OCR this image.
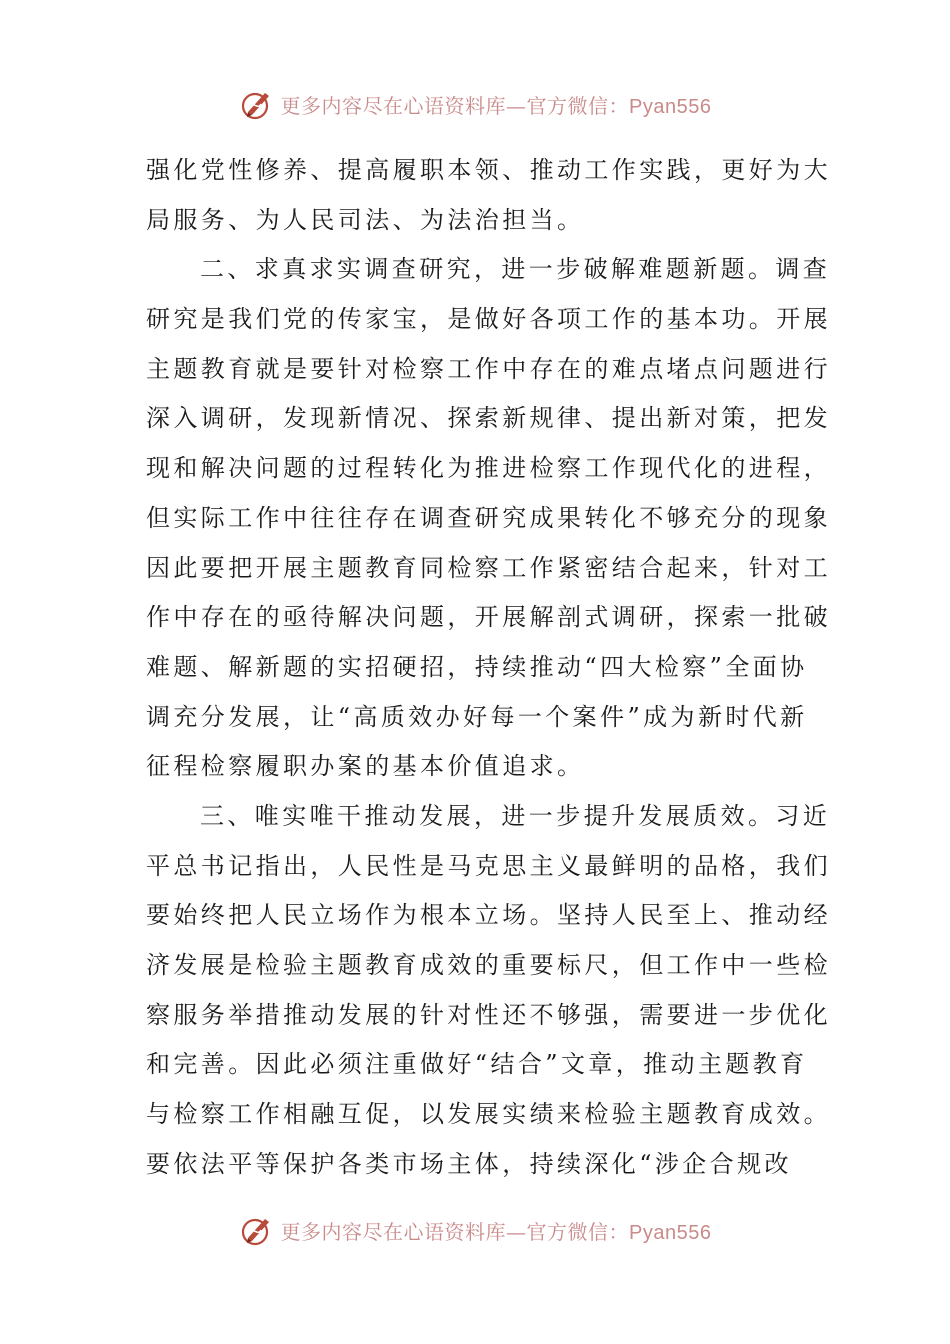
更多内容尽在心语资料库—官方微信：Pyan556
强化党性修养、提高履职本领、推动工作实践，更好为大
局服务、为人民司法、为法治担当。
二、求真求实调查研究，进一步破解难题新题。调查
研究是我们党的传家宝，是做好各项工作的基本功。开展
主题教育就是要针对检察工作中存在的难点堵点问题进行
深入调研，发现新情况、探索新规律、提出新对策，把发
现和解决问题的过程转化为推进检察工作现代化的进程，
但实际工作中往往存在调查研究成果转化不够充分的现象
因此要把开展主题教育同检察工作紧密结合起来，针对工
作中存在的亟待解决问题，开展解剖式调研，探索一批破
难题、解新题的实招硬招，持续推动“四大检察”全面协
调充分发展，让“高质效办好每一个案件”成为新时代新
征程检察履职办案的基本价值追求。
三、唯实唯干推动发展，进一步提升发展质效。习近
平总书记指出，人民性是马克思主义最鲜明的品格，我们
要始终把人民立场作为根本立场。坚持人民至上、推动经
济发展是检验主题教育成效的重要标尺，但工作中一些检
察服务举措推动发展的针对性还不够强，需要进一步优化
和完善。因此必须注重做好“结合”文章，推动主题教育
与检察工作相融互促，以发展实绩来检验主题教育成效。
要依法平等保护各类市场主体，持续深化“涉企合规改
更多内容尽在心语资料库—官方微信：Pyan556
